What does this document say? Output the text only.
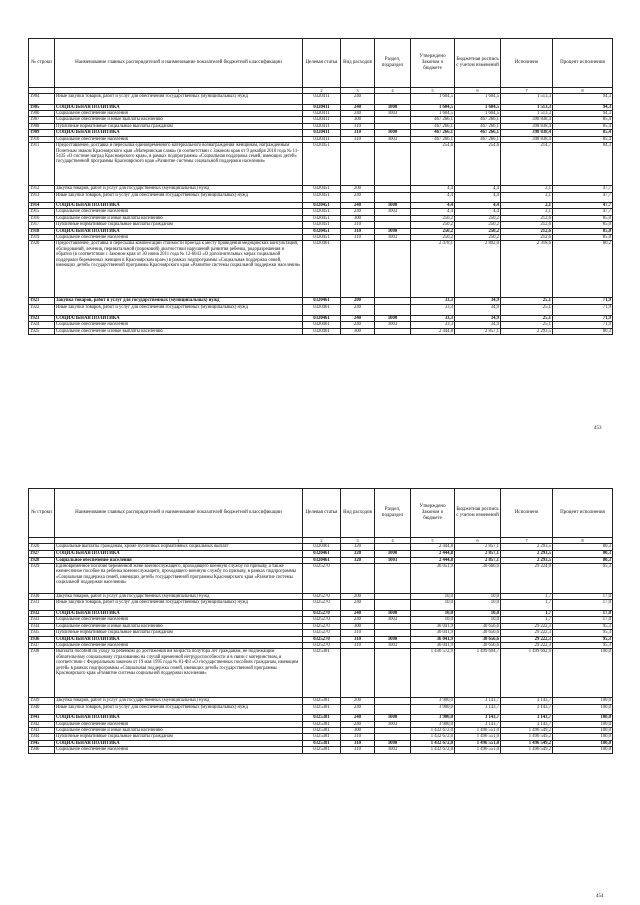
№ строки	Наименование главных распорядителей и наименование показателей бюджетной классификации	Целевая статья	Вид расходов	Раздел, подраздел	Утверждено Законом о бюджете	Бюджетная роспись с учетом изменений	Исполнено	Процент исполнения
	1	2	3	4	5	6	7	8
1904	Иные закупки товаров, работ и услуг для обеспечения государственных (муниципальных) нужд	0320411	240		1 604,5	1 604,5	1 513,3	94,3
1905	СОЦИАЛЬНАЯ ПОЛИТИКА	0320411	240	1000	1 604,5	1 604,5	1 513,3	94,3
1906	Социальное обеспечение населения	0320411	240	1003	1 604,5	1 604,5	1 513,3	94,3
1907	Социальное обеспечение и иные выплаты населению	0320411	300		467 266,1	467 266,1	398 838,4	85,4
1908	Публичные нормативные социальные выплаты гражданам	0320411	310		467 266,1	467 266,1	398 838,4	85,4
1909	СОЦИАЛЬНАЯ ПОЛИТИКА	0320411	310	1000	467 266,1	467 266,1	398 838,4	85,4
1910	Социальное обеспечение населения	0320411	310	1003	467 266,1	467 266,1	398 838,4	85,4
1911	Предоставление, доставка и пересылка единовременного материального вознаграждения женщинам, награжденным Почетным знаком Красноярского края «Материнская слава» (в соответствии с Законом края от 9 декабря 2010 года № 11-5435 «О системе наград Красноярского края», в рамках подпрограммы «Социальная поддержка семей, имеющих детей» государственной программы Красноярского края «Развитие системы социальной поддержки населения»	0320451			254,6	254,6	214,7	84,3
1912	Закупка товаров, работ и услуг для государственных (муниципальных) нужд	0320451	200		4,4	4,4	2,1	47,7
1913	Иные закупки товаров, работ и услуг для обеспечения государственных (муниципальных) нужд	0320451	240		4,4	4,4	2,1	47,7
1914	СОЦИАЛЬНАЯ ПОЛИТИКА	0320451	240	1000	4,4	4,4	2,1	47,7
1915	Социальное обеспечение населения	0320451	240	1003	4,4	4,4	2,1	47,7
1916	Социальное обеспечение и иные выплаты населению	0320451	300		250,2	250,2	212,6	85,0
1917	Публичные нормативные социальные выплаты гражданам	0320451	310		250,2	250,2	212,6	85,0
1918	СОЦИАЛЬНАЯ ПОЛИТИКА	0320451	310	1000	250,2	250,2	212,6	85,0
1919	Социальное обеспечение населения	0320451	310	1003	250,2	250,2	212,6	85,0
1920	Предоставление, доставка и пересылка компенсации стоимости проезда к месту проведения медицинских консультаций, обследований, лечения, перинатальной (пороковой) диагностики нарушений развития ребенка, родоразрешения и обратно (в соответствии с Законом края от 30 июня 2011 года № 12-6043 «О дополнительных мерах социальной поддержки беременных женщин в Красноярском крае») в рамках подпрограммы «Социальная поддержка семей, имеющих детей» государственной программы Красноярского края «Развитие системы социальной поддержки населения»	0320461			2 478,1	2 892,0	2 318,6	80,2
1921	Закупка товаров, работ и услуг для государственных (муниципальных) нужд	0320461	200		33,3	34,9	25,1	71,9
1922	Иные закупки товаров, работ и услуг для обеспечения государственных (муниципальных) нужд	0320461	240		33,3	34,9	25,1	71,9
1923	СОЦИАЛЬНАЯ ПОЛИТИКА	0320461	240	1000	33,3	34,9	25,1	71,9
1924	Социальное обеспечение населения	0320461	240	1003	33,3	34,9	25,1	71,9
1925	Социальное обеспечение и иные выплаты населению	0320461	300		2 444,8	2 857,1	2 293,5	80,3
453
№ строки	Наименование главных распорядителей и наименование показателей бюджетной классификации	Целевая статья	Вид расходов	Раздел, подраздел	Утверждено Законом о бюджете	Бюджетная роспись с учетом изменений	Исполнено	Процент исполнения
	1	2	3	4	5	6	7	8
1926	Социальные выплаты гражданам, кроме публичных нормативных социальных выплат	0320461	320		2 444,8	2 857,1	2 293,5	80,3
1927	СОЦИАЛЬНАЯ ПОЛИТИКА	0320461	320	1000	2 444,8	2 857,1	2 293,5	80,3
1928	Социальное обеспечение населения	0320461	320	1003	2 444,8	2 857,1	2 293,5	80,3
1929	Единовременное пособие беременной жене военнослужащего, проходящего военную службу по призыву, а также ежемесячное пособие на ребенка военнослужащего, проходящего военную службу по призыву, в рамках подпрограммы «Социальная поддержка семей, имеющих детей» государственной программы Красноярского края «Развитие системы социальной поддержки населения»	0325270			36 051,9	30 666,6	29 224,0	95,3
1930	Закупка товаров, работ и услуг для государственных (муниципальных) нужд	0325270	200		10,0	10,0	1,7	17,0
1931	Иные закупки товаров, работ и услуг для обеспечения государственных (муниципальных) нужд	0325270	240		10,0	10,0	1,7	17,0
1932	СОЦИАЛЬНАЯ ПОЛИТИКА	0325270	240	1000	10,0	10,0	1,7	17,0
1933	Социальное обеспечение населения	0325270	240	1003	10,0	10,0	1,7	17,0
1934	Социальное обеспечение и иные выплаты населению	0325270	300		36 041,9	30 656,6	29 222,3	95,3
1935	Публичные нормативные социальные выплаты гражданам	0325270	310		36 041,9	30 656,6	29 222,3	95,3
1936	СОЦИАЛЬНАЯ ПОЛИТИКА	0325270	310	1000	36 041,9	30 656,6	29 222,3	95,3
1937	Социальное обеспечение населения	0325270	310	1003	36 041,9	30 656,6	29 222,3	95,3
1938	Выплата пособий по уходу за ребенком до достижения им возраста полутора лет гражданам, не подлежащим обязательному социальному страхованию на случай временной нетрудоспособности и в связи с материнством, в соответствии с Федеральным законом от 19 мая 1995 года № 81-ФЗ «О государственных пособиях гражданам, имеющим детей» в рамках подпрограммы «Социальная поддержка семей, имеющих детей» государственной программы Красноярского края «Развитие системы социальной поддержки населения»	0325381			1 436 572,9	1 499 694,7	1 499 692,9	100,0
1939	Закупка товаров, работ и услуг для государственных (муниципальных) нужд	0325381	200		3 900,0	3 143,7	3 143,7	100,0
1940	Иные закупки товаров, работ и услуг для обеспечения государственных (муниципальных) нужд	0325381	240		3 900,0	3 143,7	3 143,7	100,0
1941	СОЦИАЛЬНАЯ ПОЛИТИКА	0325381	240	1000	3 900,0	3 143,7	3 143,7	100,0
1942	Социальное обеспечение населения	0325381	240	1003	3 900,0	3 143,7	3 143,7	100,0
1943	Социальное обеспечение и иные выплаты населению	0325381	300		1 432 672,0	1 496 551,0	1 496 549,2	100,0
1944	Публичные нормативные социальные выплаты гражданам	0325381	310		1 432 672,0	1 496 551,0	1 496 549,2	100,0
1945	СОЦИАЛЬНАЯ ПОЛИТИКА	0325381	310	1000	1 432 672,0	1 496 551,0	1 496 549,2	100,0
1946	Социальное обеспечение населения	0325381	310	1003	1 432 672,0	1 496 551,0	1 496 549,2	100,0
454
